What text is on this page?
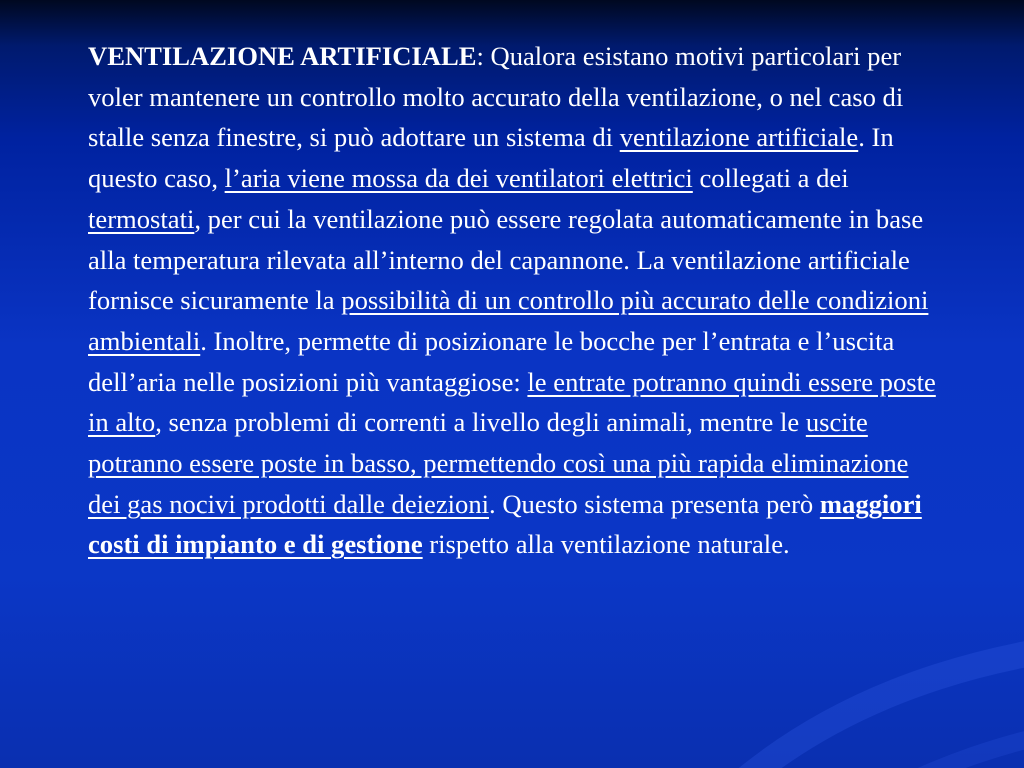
VENTILAZIONE ARTIFICIALE: Qualora esistano motivi particolari per voler mantenere un controllo molto accurato della ventilazione, o nel caso di stalle senza finestre, si può adottare un sistema di ventilazione artificiale. In questo caso, l’aria viene mossa da dei ventilatori elettrici collegati a dei termostati, per cui la ventilazione può essere regolata automaticamente in base alla temperatura rilevata all’interno del capannone. La ventilazione artificiale fornisce sicuramente la possibilità di un controllo più accurato delle condizioni ambientali. Inoltre, permette di posizionare le bocche per l’entrata e l’uscita dell’aria nelle posizioni più vantaggiose: le entrate potranno quindi essere poste in alto, senza problemi di correnti a livello degli animali, mentre le uscite potranno essere poste in basso, permettendo così una più rapida eliminazione dei gas nocivi prodotti dalle deiezioni. Questo sistema presenta però maggiori costi di impianto e di gestione rispetto alla ventilazione naturale.
